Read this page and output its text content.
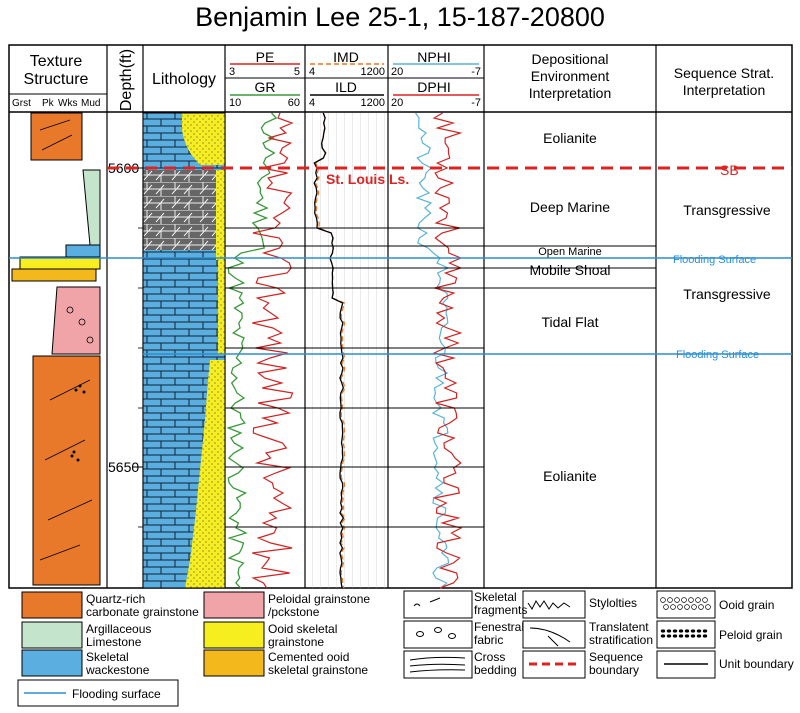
Benjamin Lee 25-1, 15-187-20800
Texture
Structure
Grst Pk Wks Mud Depth(ft) Lithology
PE
3	5
GR
10	60
IMD
4	1200
ILD
4	1200
NPHI
20	-7
DPHI
20	-7
Depositional
Environment
Interpretation
Sequence Strat.
Interpretation
5600
5650
SB
St. Louis Ls.
Flooding Surface
Flooding Surface
Eolianite
Deep Marine
Open Marine
Mobile Shoal
Tidal Flat
Eolianite
Transgressive
Transgressive
Quartz-rich
carbonate grainstone
Argillaceous
Limestone
Skeletal
wackestone
Peloidal grainstone
/pckstone
Ooid skeletal
grainstone
Cemented ooid
skeletal grainstone
Skeletal
fragments
Fenestral
fabric
Cross
bedding
Stylolties
Translatent
stratification
Sequence
boundary
Ooid grain
Peloid grain
Unit boundary
Flooding surface
